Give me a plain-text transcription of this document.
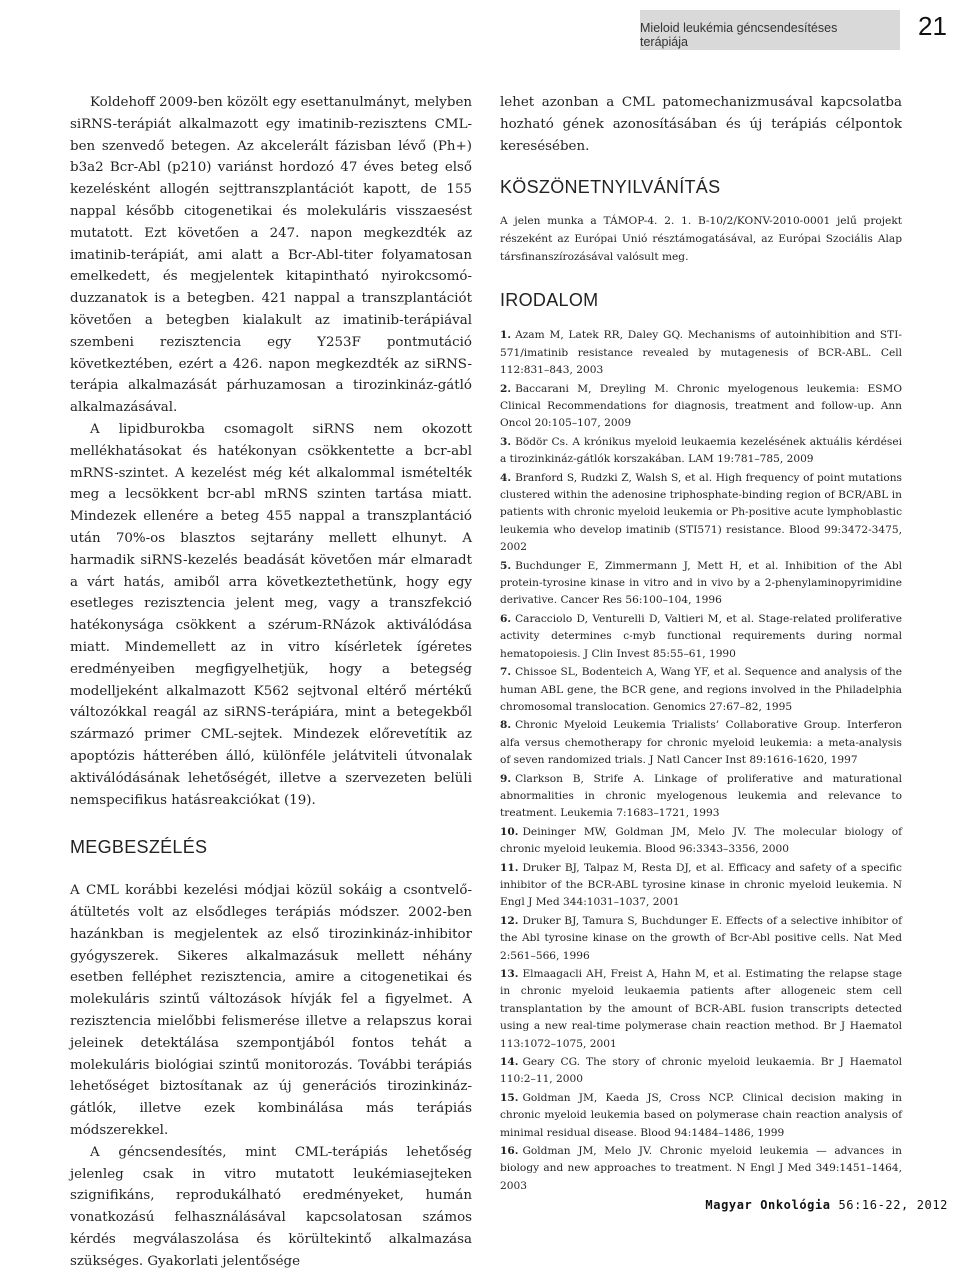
Mieloid leukémia géncsendesítéses terápiája
21

Koldehoff 2009-ben közölt egy esettanulmányt, melyben siRNS-terápiát alkalmazott egy imatinib-rezisztens CML-ben szenvedő betegen. Az akcelerált fázisban lévő (Ph+) b3a2 Bcr-Abl (p210) variánst hordozó 47 éves beteg első kezelésként allogén sejttranszplantációt kapott, de 155 nappal később citogenetikai és molekuláris visszaesést mutatott. Ezt követően a 247. napon megkezdték az imatinib-terápiát, ami alatt a Bcr-Abl-titer folyamatosan emelkedett, és megjelentek kitapintható nyirokcsomó-duzzanatok is a betegben. 421 nappal a transzplantációt követően a betegben kialakult az imatinib-terápiával szembeni rezisztencia egy Y253F pontmutáció következtében, ezért a 426. napon megkezdték az siRNS-terápia alkalmazását párhuzamosan a tirozinkináz-gátló alkalmazásával.

A lipidburokba csomagolt siRNS nem okozott mellékhatásokat és hatékonyan csökkentette a bcr-abl mRNS-szintet. A kezelést még két alkalommal ismételték meg a lecsökkent bcr-abl mRNS szinten tartása miatt. Mindezek ellenére a beteg 455 nappal a transzplantáció után 70%-os blasztos sejtarány mellett elhunyt. A harmadik siRNS-kezelés beadását követően már elmaradt a várt hatás, amiből arra következtethetünk, hogy egy esetleges rezisztencia jelent meg, vagy a transzfekció hatékonysága csökkent a szérum-RNázok aktiválódása miatt. Mindemellett az in vitro kísérletek ígéretes eredményeiben megfigyelhetjük, hogy a betegség modelljeként alkalmazott K562 sejtvonal eltérő mértékű változókkal reagál az siRNS-terápiára, mint a betegekből származó primer CML-sejtek. Mindezek előrevetítik az apoptózis hátterében álló, különféle jelátviteli útvonalak aktiválódásának lehetőségét, illetve a szervezeten belüli nemspecifikus hatásreakciókat (19).

MEGBESZÉLÉS

A CML korábbi kezelési módjai közül sokáig a csontvelő-átültetés volt az elsődleges terápiás módszer. 2002-ben hazánkban is megjelentek az első tirozinkináz-inhibitor gyógyszerek. Sikeres alkalmazásuk mellett néhány esetben felléphet rezisztencia, amire a citogenetikai és molekuláris szintű változások hívják fel a figyelmet. A rezisztencia mielőbbi felismerése illetve a relapszus korai jeleinek detektálása szempontjából fontos tehát a molekuláris biológiai szintű monitorozás. További terápiás lehetőséget biztosítanak az új generációs tirozinkináz-gátlók, illetve ezek kombinálása más terápiás módszerekkel.

A géncsendesítés, mint CML-terápiás lehetőség jelenleg csak in vitro mutatott leukémiasejteken szignifikáns, reprodukálható eredményeket, humán vonatkozású felhasználásával kapcsolatosan számos kérdés megválaszolása és körültekintő alkalmazása szükséges. Gyakorlati jelentősége

lehet azonban a CML patomechanizmusával kapcsolatba hozható gének azonosításában és új terápiás célpontok keresésében.

KÖSZÖNETNYILVÁNÍTÁS

A jelen munka a TÁMOP-4. 2. 1. B-10/2/KONV-2010-0001 jelű projekt részeként az Európai Unió résztámogatásával, az Európai Szociális Alap társfinanszírozásával valósult meg.

IRODALOM
1. Azam M, Latek RR, Daley GQ. Mechanisms of autoinhibition and STI-571/imatinib resistance revealed by mutagenesis of BCR-ABL. Cell 112:831–843, 2003
2. Baccarani M, Dreyling M. Chronic myelogenous leukemia: ESMO Clinical Recommendations for diagnosis, treatment and follow-up. Ann Oncol 20:105–107, 2009
3. Bödör Cs. A krónikus myeloid leukaemia kezelésének aktuális kérdései a tirozinkináz-gátlók korszakában. LAM 19:781–785, 2009
4. Branford S, Rudzki Z, Walsh S, et al. High frequency of point mutations clustered within the adenosine triphosphate-binding region of BCR/ABL in patients with chronic myeloid leukemia or Ph-positive acute lymphoblastic leukemia who develop imatinib (STI571) resistance. Blood 99:3472-3475, 2002
5. Buchdunger E, Zimmermann J, Mett H, et al. Inhibition of the Abl protein-tyrosine kinase in vitro and in vivo by a 2-phenylaminopyrimidine derivative. Cancer Res 56:100–104, 1996
6. Caracciolo D, Venturelli D, Valtieri M, et al. Stage-related proliferative activity determines c-myb functional requirements during normal hematopoiesis. J Clin Invest 85:55–61, 1990
7. Chissoe SL, Bodenteich A, Wang YF, et al. Sequence and analysis of the human ABL gene, the BCR gene, and regions involved in the Philadelphia chromosomal translocation. Genomics 27:67–82, 1995
8. Chronic Myeloid Leukemia Trialists’ Collaborative Group. Interferon alfa versus chemotherapy for chronic myeloid leukemia: a meta-analysis of seven randomized trials. J Natl Cancer Inst 89:1616-1620, 1997
9. Clarkson B, Strife A. Linkage of proliferative and maturational abnormalities in chronic myelogenous leukemia and relevance to treatment. Leukemia 7:1683–1721, 1993
10. Deininger MW, Goldman JM, Melo JV. The molecular biology of chronic myeloid leukemia. Blood 96:3343–3356, 2000
11. Druker BJ, Talpaz M, Resta DJ, et al. Efficacy and safety of a specific inhibitor of the BCR-ABL tyrosine kinase in chronic myeloid leukemia. N Engl J Med 344:1031–1037, 2001
12. Druker BJ, Tamura S, Buchdunger E. Effects of a selective inhibitor of the Abl tyrosine kinase on the growth of Bcr-Abl positive cells. Nat Med 2:561–566, 1996
13. Elmaagacli AH, Freist A, Hahn M, et al. Estimating the relapse stage in chronic myeloid leukaemia patients after allogeneic stem cell transplantation by the amount of BCR-ABL fusion transcripts detected using a new real-time polymerase chain reaction method. Br J Haematol 113:1072–1075, 2001
14. Geary CG. The story of chronic myeloid leukaemia. Br J Haematol 110:2–11, 2000
15. Goldman JM, Kaeda JS, Cross NCP. Clinical decision making in chronic myeloid leukemia based on polymerase chain reaction analysis of minimal residual disease. Blood 94:1484–1486, 1999
16. Goldman JM, Melo JV. Chronic myeloid leukemia — advances in biology and new approaches to treatment. N Engl J Med 349:1451–1464, 2003
Magyar Onkológia 56:16-22, 2012
